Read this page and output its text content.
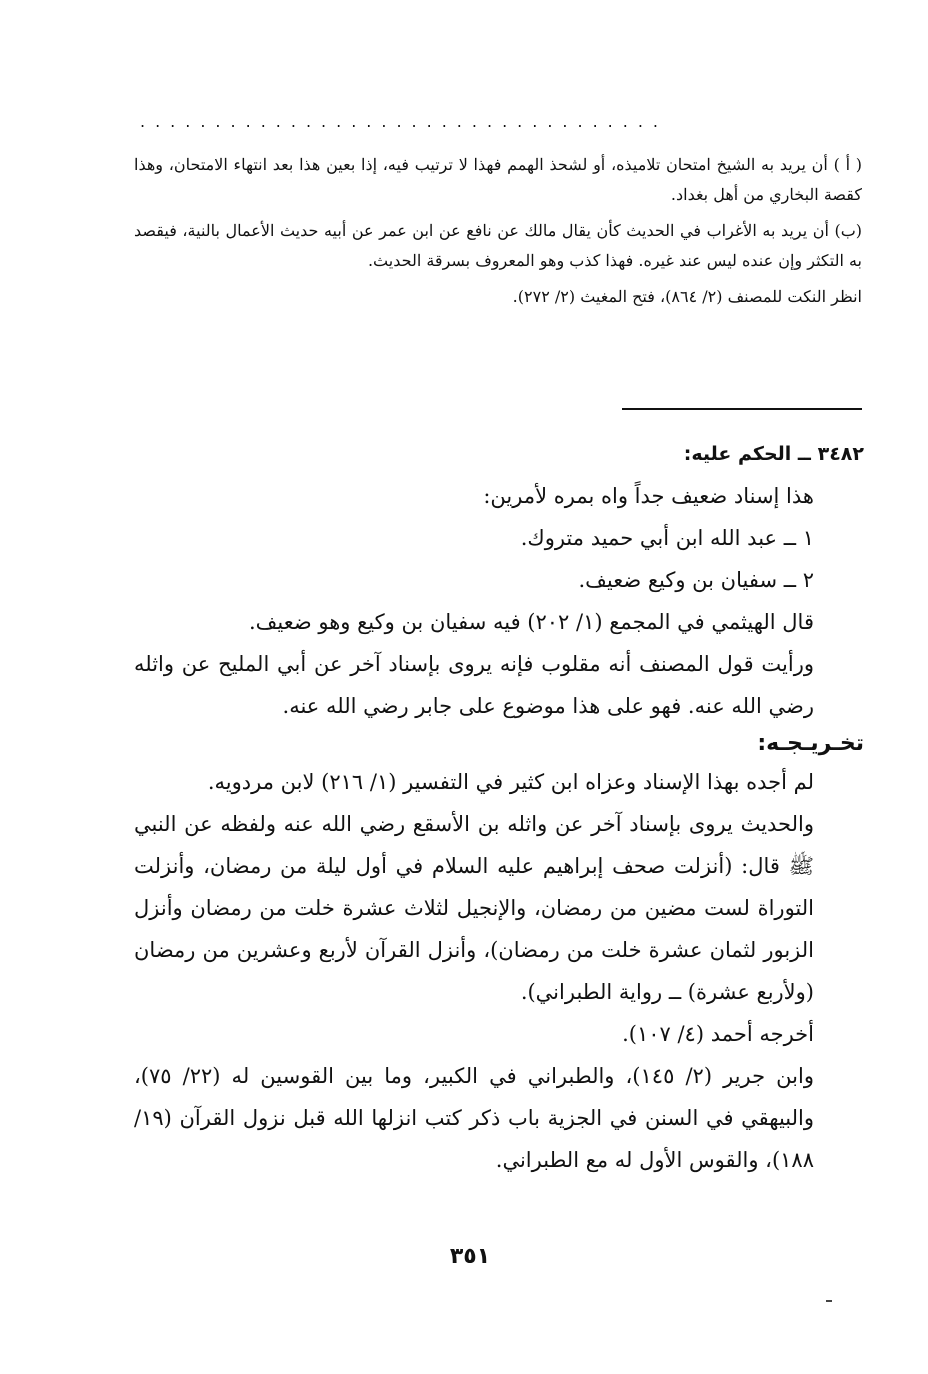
...................................

( أ ) أن يريد به الشيخ امتحان تلاميذه، أو لشحذ الهمم فهذا لا ترتيب فيه، إذا بعين هذا بعد انتهاء الامتحان، وهذا كقصة البخاري من أهل بغداد.

(ب) أن يريد به الأغراب في الحديث كأن يقال مالك عن نافع عن ابن عمر عن أبيه حديث الأعمال بالنية، فيقصد به التكثر وإن عنده ليس عند غيره. فهذا كذب وهو المعروف بسرقة الحديث.

انظر النكت للمصنف (٢/ ٨٦٤)، فتح المغيث (٢/ ٢٧٢).

٣٤٨٢ ــ الحكم عليه:

هذا إسناد ضعيف جداً واه بمره لأمرين:

١ ــ عبد الله ابن أبي حميد متروك.

٢ ــ سفيان بن وكيع ضعيف.

قال الهيثمي في المجمع (١/ ٢٠٢) فيه سفيان بن وكيع وهو ضعيف.

ورأيت قول المصنف أنه مقلوب فإنه يروى بإسناد آخر عن أبي المليح عن واثله رضي الله عنه. فهو على هذا موضوع على جابر رضي الله عنه.

تخـريـجـه:

لم أجده بهذا الإسناد وعزاه ابن كثير في التفسير (١/ ٢١٦) لابن مردويه.

والحديث يروى بإسناد آخر عن واثله بن الأسقع رضي الله عنه ولفظه عن النبي ﷺ قال: (أنزلت صحف إبراهيم عليه السلام في أول ليلة من رمضان، وأنزلت التوراة لست مضين من رمضان، والإنجيل لثلاث عشرة خلت من رمضان وأنزل الزبور لثمان عشرة خلت من رمضان)، وأنزل القرآن لأربع وعشرين من رمضان (ولأربع عشرة) ــ رواية الطبراني).

أخرجه أحمد (٤/ ١٠٧).

وابن جرير (٢/ ١٤٥)، والطبراني في الكبير، وما بين القوسين له (٢٢/ ٧٥)، والبيهقي في السنن في الجزية باب ذكر كتب انزلها الله قبل نزول القرآن (١٩/ ١٨٨)، والقوس الأول له مع الطبراني.

٣٥١
